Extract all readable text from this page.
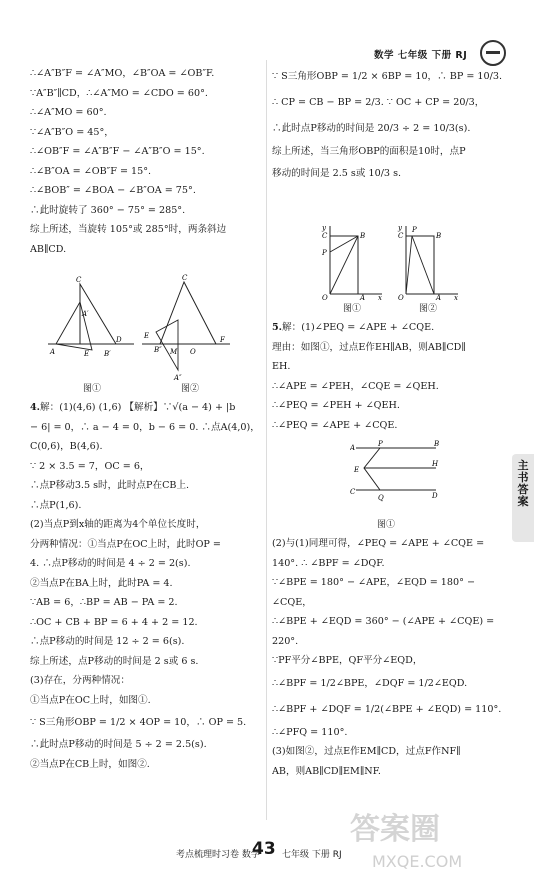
数学 七年级 下册 RJ
∴∠A″B″F = ∠A″MO，∠B″OA = ∠OB″F.
∵A″B″∥CD，∴∠A″MO = ∠CDO = 60°.
∴∠A″MO = 60°.
∵∠A″B″O = 45°，
∴∠OB″F = ∠A″B″F − ∠A″B″O = 15°.
∴∠B″OA = ∠OB″F = 15°.
∴∠BOB″ = ∠BOA − ∠B″OA = 75°.
∴此时旋转了 360° − 75° = 285°.
综上所述，当旋转 105°或 285°时，两条斜边
AB∥CD.
C
A
A′
E B′
D
图①
C
E
B″ M O
F
A″
图②
4.解：(1)(4,6) (1,6) 【解析】∵√(a − 4) + |b
− 6| = 0，∴ a − 4 = 0，b − 6 = 0. ∴点A(4,0)，C(0,6)，B(4,6).
∵ 2 × 3.5 = 7，OC = 6，
∴点P移动3.5 s时，此时点P在CB上.
∴点P(1,6).
(2)当点P到x轴的距离为4个单位长度时，
分两种情况：①当点P在OC上时，此时OP =
4. ∴点P移动的时间是 4 ÷ 2 = 2(s).
②当点P在BA上时，此时PA = 4.
∵AB = 6，∴BP = AB − PA = 2.
∴OC + CB + BP = 6 + 4 + 2 = 12.
∴点P移动的时间是 12 ÷ 2 = 6(s).
综上所述，点P移动的时间是 2 s或 6 s.
(3)存在，分两种情况：
①当点P在OC上时，如图①.
∵ S三角形OBP = 1/2 × 4OP = 10，∴ OP = 5.
∴此时点P移动的时间是 5 ÷ 2 = 2.5(s).
②当点P在CB上时，如图②.
∵ S三角形OBP = 1/2 × 6BP = 10，∴ BP = 10/3.
∴ CP = CB − BP = 2/3. ∵ OC + CP = 20/3，
∴此时点P移动的时间是 20/3 ÷ 2 = 10/3(s).
综上所述，当三角形OBP的面积是10时，点P
移动的时间是 2.5 s或 10/3 s.
y
C	B
P
O	A x
图①
y
C
P
B
O	A x
图②
5.解：(1)∠PEQ = ∠APE + ∠CQE.
理由：如图①，过点E作EH∥AB，则AB∥CD∥
EH.
∴∠APE = ∠PEH，∠CQE = ∠QEH.
∴∠PEQ = ∠PEH + ∠QEH.
∴∠PEQ = ∠APE + ∠CQE.
A	P	B
E
H
C
Q	D
图①
(2)与(1)同理可得，∠PEQ = ∠APE + ∠CQE =
140°. ∴ ∠BPF = ∠DQF.
∵∠BPE = 180° − ∠APE，∠EQD = 180° −
∠CQE，
∴∠BPE + ∠EQD = 360° − (∠APE + ∠CQE) =
220°.
∵PF平分∠BPE，QF平分∠EQD，
∴∠BPF = 1/2∠BPE，∠DQF = 1/2∠EQD.
∴∠BPF + ∠DQF = 1/2(∠BPE + ∠EQD) = 110°.
∴∠PFQ = 110°.
(3)如图②，过点E作EM∥CD，过点F作NF∥
AB，则AB∥CD∥EM∥NF.
主
书
答
案
考点梳理时习卷 数学
43 七年级 下册 RJ
答案圈
MXQE.COM
